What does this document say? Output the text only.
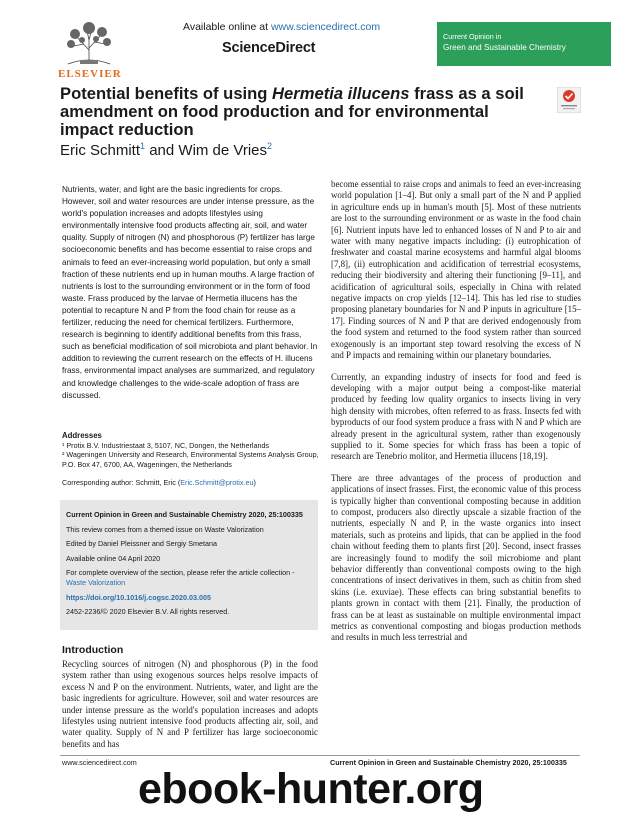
ELSEVIER
Available online at www.sciencedirect.com
ScienceDirect
Current Opinion in
Green and Sustainable Chemistry
Potential benefits of using Hermetia illucens frass as a soil amendment on food production and for environmental impact reduction
Eric Schmitt$^1$ and Wim de Vries$^2$
Nutrients, water, and light are the basic ingredients for crops. However, soil and water resources are under intense pressure, as the world's population increases and adopts lifestyles using environmentally intensive food products affecting air, soil, and water quality. Supply of nitrogen (N) and phosphorous (P) fertilizer has large socioeconomic benefits and has become essential to raise crops and animals to feed an ever-increasing world population, but only a small fraction of these nutrients end up in human mouths. A large fraction of nutrients is lost to the surrounding environment or in the form of food waste. Frass produced by the larvae of Hermetia illucens has the potential to recapture N and P from the food chain for reuse as a fertilizer, reducing the need for chemical fertilizers. Furthermore, research is beginning to identify additional benefits from this frass, such as beneficial modification of soil microbiota and plant behavior. In addition to reviewing the current research on the effects of H. illucens frass, environmental impact analyses are summarized, and regulatory and knowledge challenges to the wide-scale adoption of frass are discussed.
Addresses
¹ Protix B.V. Industriestaat 3, 5107, NC, Dongen, the Netherlands
² Wageningen University and Research, Environmental Systems Analysis Group, P.O. Box 47, 6700, AA, Wageningen, the Netherlands
Corresponding author: Schmitt, Eric (Eric.Schmitt@protix.eu)

Current Opinion in Green and Sustainable Chemistry 2020, 25:100335

This review comes from a themed issue on Waste Valorization

Edited by Daniel Pleissner and Sergiy Smetana

Available online 04 April 2020

For complete overview of the section, please refer the article collection - Waste Valorization

https://doi.org/10.1016/j.cogsc.2020.03.005

2452-2236/© 2020 Elsevier B.V. All rights reserved.

Introduction
Recycling sources of nitrogen (N) and phosphorous (P) in the food system rather than using exogenous sources helps resolve impacts of excess N and P on the environment. Nutrients, water, and light are the basic ingredients for agriculture. However, soil and water resources are under intense pressure as the world's population increases and adopts lifestyles using nutrient intensive food products affecting air, soil, and water quality. Supply of N and P fertilizer has large socioeconomic benefits and has

become essential to raise crops and animals to feed an ever-increasing world population [1–4]. But only a small part of the N and P applied in agriculture ends up in human's mouth [5]. Most of these nutrients are lost to the surrounding environment or as waste in the food chain [6]. Nutrient inputs have led to enhanced losses of N and P to air and water with many negative impacts including: (i) eutrophication of freshwater and coastal marine ecosystems and harmful algal blooms [7,8], (ii) eutrophication and acidification of terrestrial ecosystems, reducing their biodiversity and altering their functioning [9–11], and acidification of agricultural soils, especially in China with related negative impacts on crop yields [12–14]. This has led rise to studies proposing planetary boundaries for N and P inputs in agriculture [15–17]. Finding sources of N and P that are derived endogenously from the food system and returned to the food system rather than sourced exogenously is an important step toward resolving the excess of N and P impacts and remaining within our planetary boundaries.

Currently, an expanding industry of insects for food and feed is developing with a major output being a compost-like material produced by feeding low quality organics to insects living in very high density with microbes, often referred to as frass. Insects fed with byproducts of our food system produce a frass with N and P which are already present in the agricultural system, rather than exogenously supplied to it. Some species for which frass has been a topic of research are Tenebrio molitor, and Hermetia illucens [18,19].

There are three advantages of the process of production and applications of insect frasses. First, the economic value of this process is typically higher than conventional composting because in addition to compost, producers also directly upscale a sizable fraction of the nutrients, especially N and P, in the waste organics into insect materials, such as proteins and lipids, that can be applied in the food chain without feeding them to plants first [20]. Second, insect frasses are increasingly found to modify the soil microbiome and plant behavior differently than conventional composts owing to the high concentrations of insect derivatives in them, such as chitin from shed skins (i.e. exuviae). These effects can bring substantial benefits to plants grown in contact with them [21]. Finally, the production of frass can be at least as sustainable on multiple environmental impact metrics as conventional composting and biogas production methods and results in much less terrestrial and

www.sciencedirect.com	Current Opinion in Green and Sustainable Chemistry 2020, 25:100335
ebook-hunter.org
